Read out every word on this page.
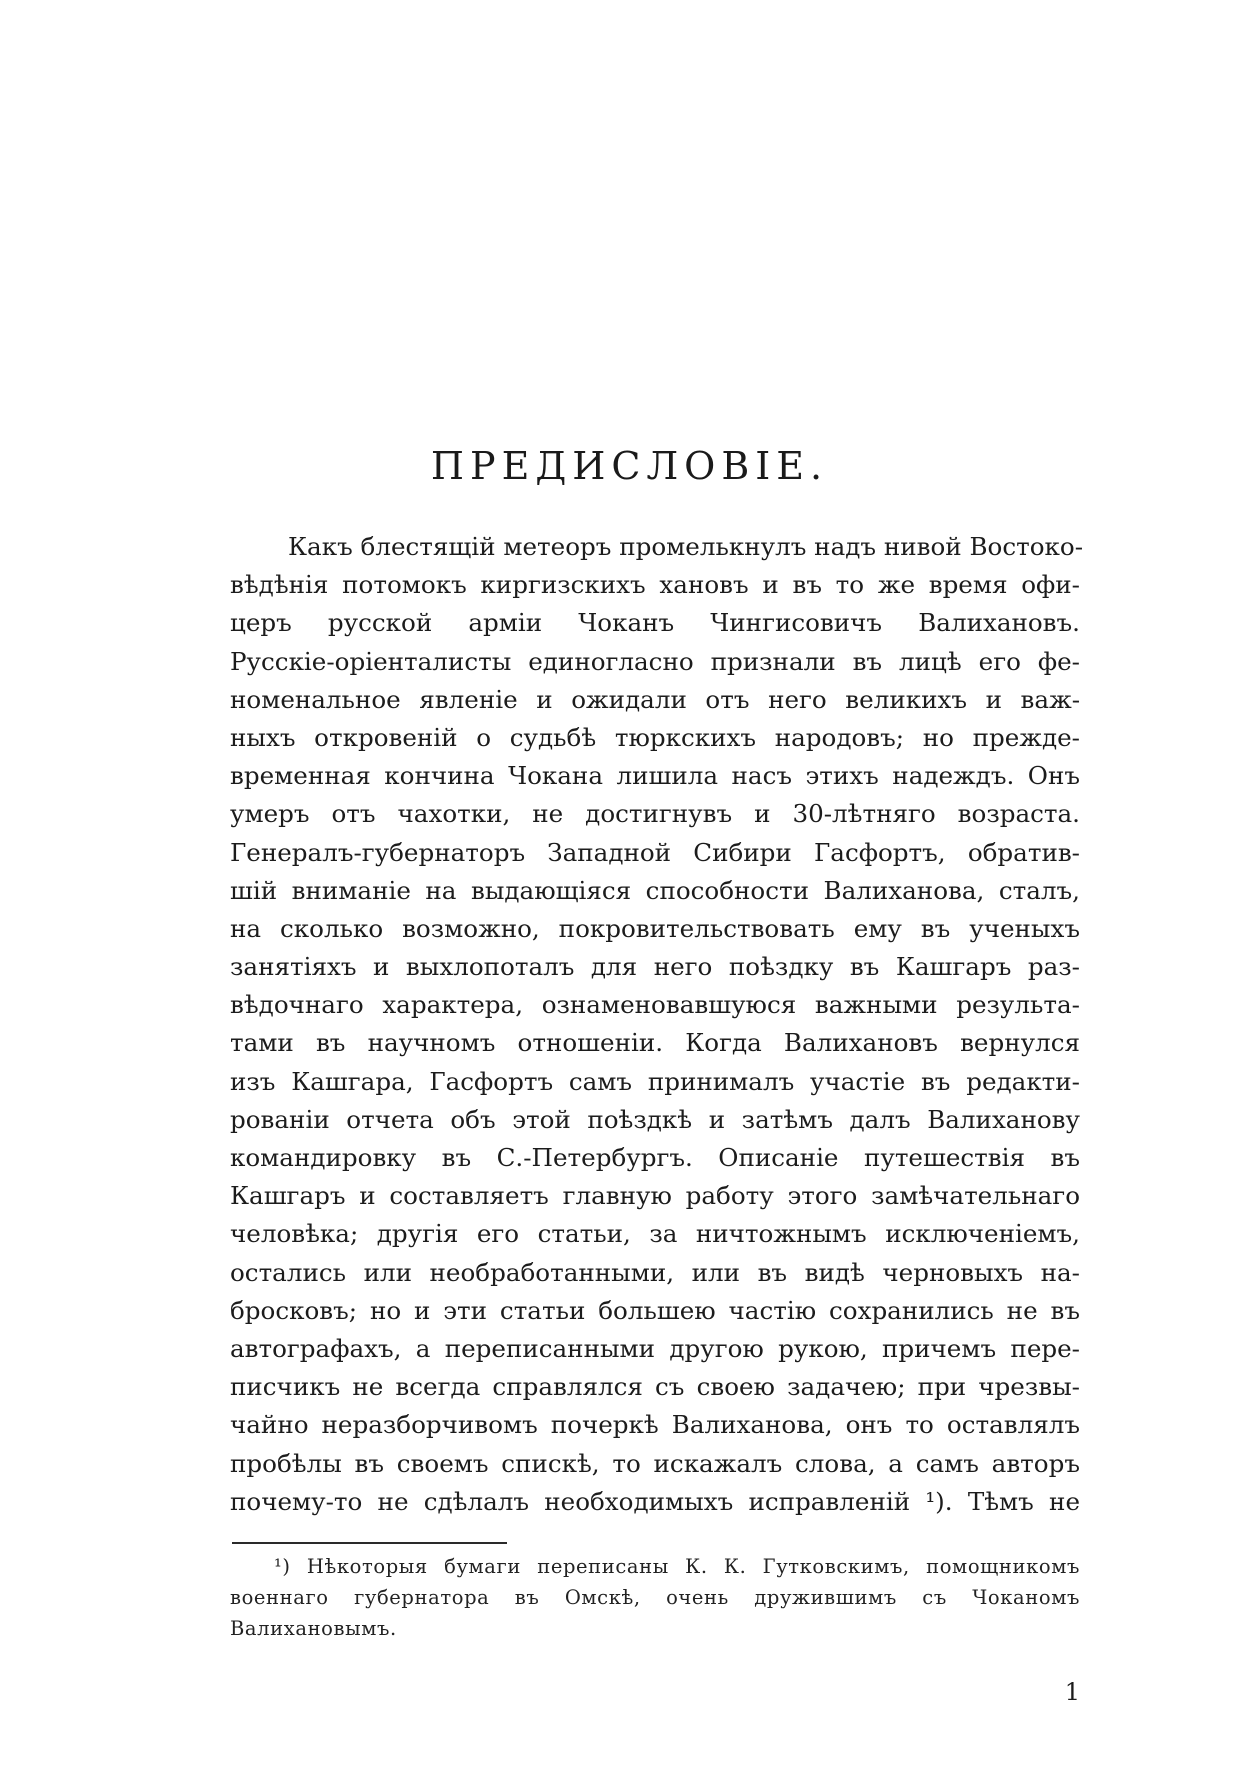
ПРЕДИСЛОВІЕ.
Какъ блестящій метеоръ промелькнулъ надъ нивой Востоко-
вѣдѣнія потомокъ киргизскихъ хановъ и въ то же время офи-
церъ русской арміи Чоканъ Чингисовичъ Валихановъ.
Русскіе-оріенталисты единогласно признали въ лицѣ его фе-
номенальное явленіе и ожидали отъ него великихъ и важ-
ныхъ откровеній о судьбѣ тюркскихъ народовъ; но прежде-
временная кончина Чокана лишила насъ этихъ надеждъ. Онъ
умеръ отъ чахотки, не достигнувъ и 30-лѣтняго возраста.
Генералъ-губернаторъ Западной Сибири Гасфортъ, обратив-
шій вниманіе на выдающіяся способности Валиханова, сталъ,
на сколько возможно, покровительствовать ему въ ученыхъ
занятіяхъ и выхлопоталъ для него поѣздку въ Кашгаръ раз-
вѣдочнаго характера, ознаменовавшуюся важными результа-
тами въ научномъ отношеніи. Когда Валихановъ вернулся
изъ Кашгара, Гасфортъ самъ принималъ участіе въ редакти-
рованіи отчета объ этой поѣздкѣ и затѣмъ далъ Валиханову
командировку въ С.-Петербургъ. Описаніе путешествія въ
Кашгаръ и составляетъ главную работу этого замѣчательнаго
человѣка; другія его статьи, за ничтожнымъ исключеніемъ,
остались или необработанными, или въ видѣ черновыхъ на-
бросковъ; но и эти статьи большею частію сохранились не въ
автографахъ, а переписанными другою рукою, причемъ пере-
писчикъ не всегда справлялся съ своею задачею; при чрезвы-
чайно неразборчивомъ почеркѣ Валиханова, онъ то оставлялъ
пробѣлы въ своемъ спискѣ, то искажалъ слова, а самъ авторъ
почему-то не сдѣлалъ необходимыхъ исправленій ¹). Тѣмъ не
¹) Нѣкоторыя бумаги переписаны К. К. Гутковскимъ, помощникомъ
военнаго губернатора въ Омскѣ, очень дружившимъ съ Чоканомъ
Валихановымъ.
1
